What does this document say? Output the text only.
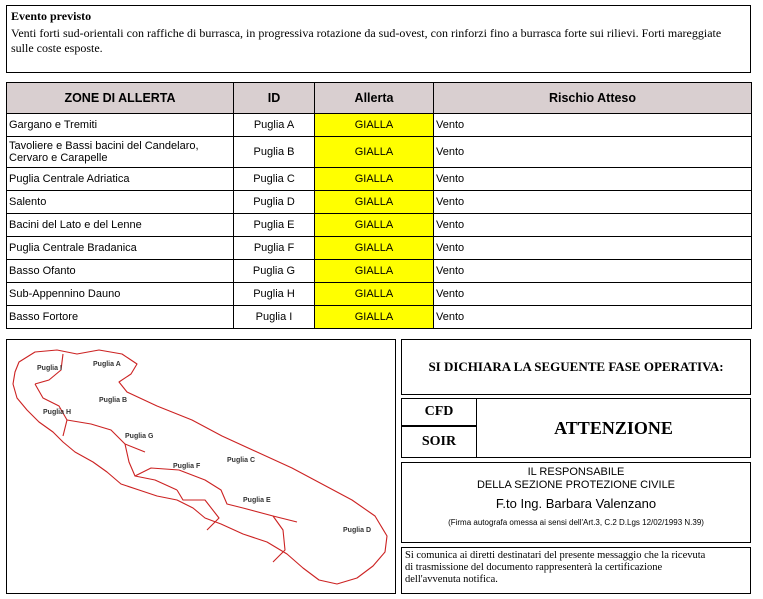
Evento previsto
Venti forti sud-orientali con raffiche di burrasca, in progressiva rotazione da sud-ovest, con rinforzi fino a burrasca forte sui rilievi. Forti mareggiate sulle coste esposte.
ZONE DI ALLERTA	ID	Allerta	Rischio Atteso
Gargano e Tremiti	Puglia A	GIALLA	Vento
Tavoliere e Bassi bacini del Candelaro, Cervaro e Carapelle	Puglia B	GIALLA	Vento
Puglia Centrale Adriatica	Puglia C	GIALLA	Vento
Salento	Puglia D	GIALLA	Vento
Bacini del Lato e del Lenne	Puglia E	GIALLA	Vento
Puglia Centrale Bradanica	Puglia F	GIALLA	Vento
Basso Ofanto	Puglia G	GIALLA	Vento
Sub-Appennino Dauno	Puglia H	GIALLA	Vento
Basso Fortore	Puglia I	GIALLA	Vento
Puglia I
Puglia A
Puglia B
Puglia H
Puglia G
Puglia C
Puglia F
Puglia E
Puglia D
SI DICHIARA LA SEGUENTE FASE OPERATIVA:
CFD
SOIR
ATTENZIONE
IL RESPONSABILE
DELLA SEZIONE PROTEZIONE CIVILE
F.to Ing. Barbara Valenzano
(Firma autografa omessa ai sensi dell'Art.3, C.2 D.Lgs 12/02/1993 N.39)
Si comunica ai diretti destinatari del presente messaggio che la ricevuta
di trasmissione del documento rappresenterà la certificazione
dell'avvenuta notifica.
